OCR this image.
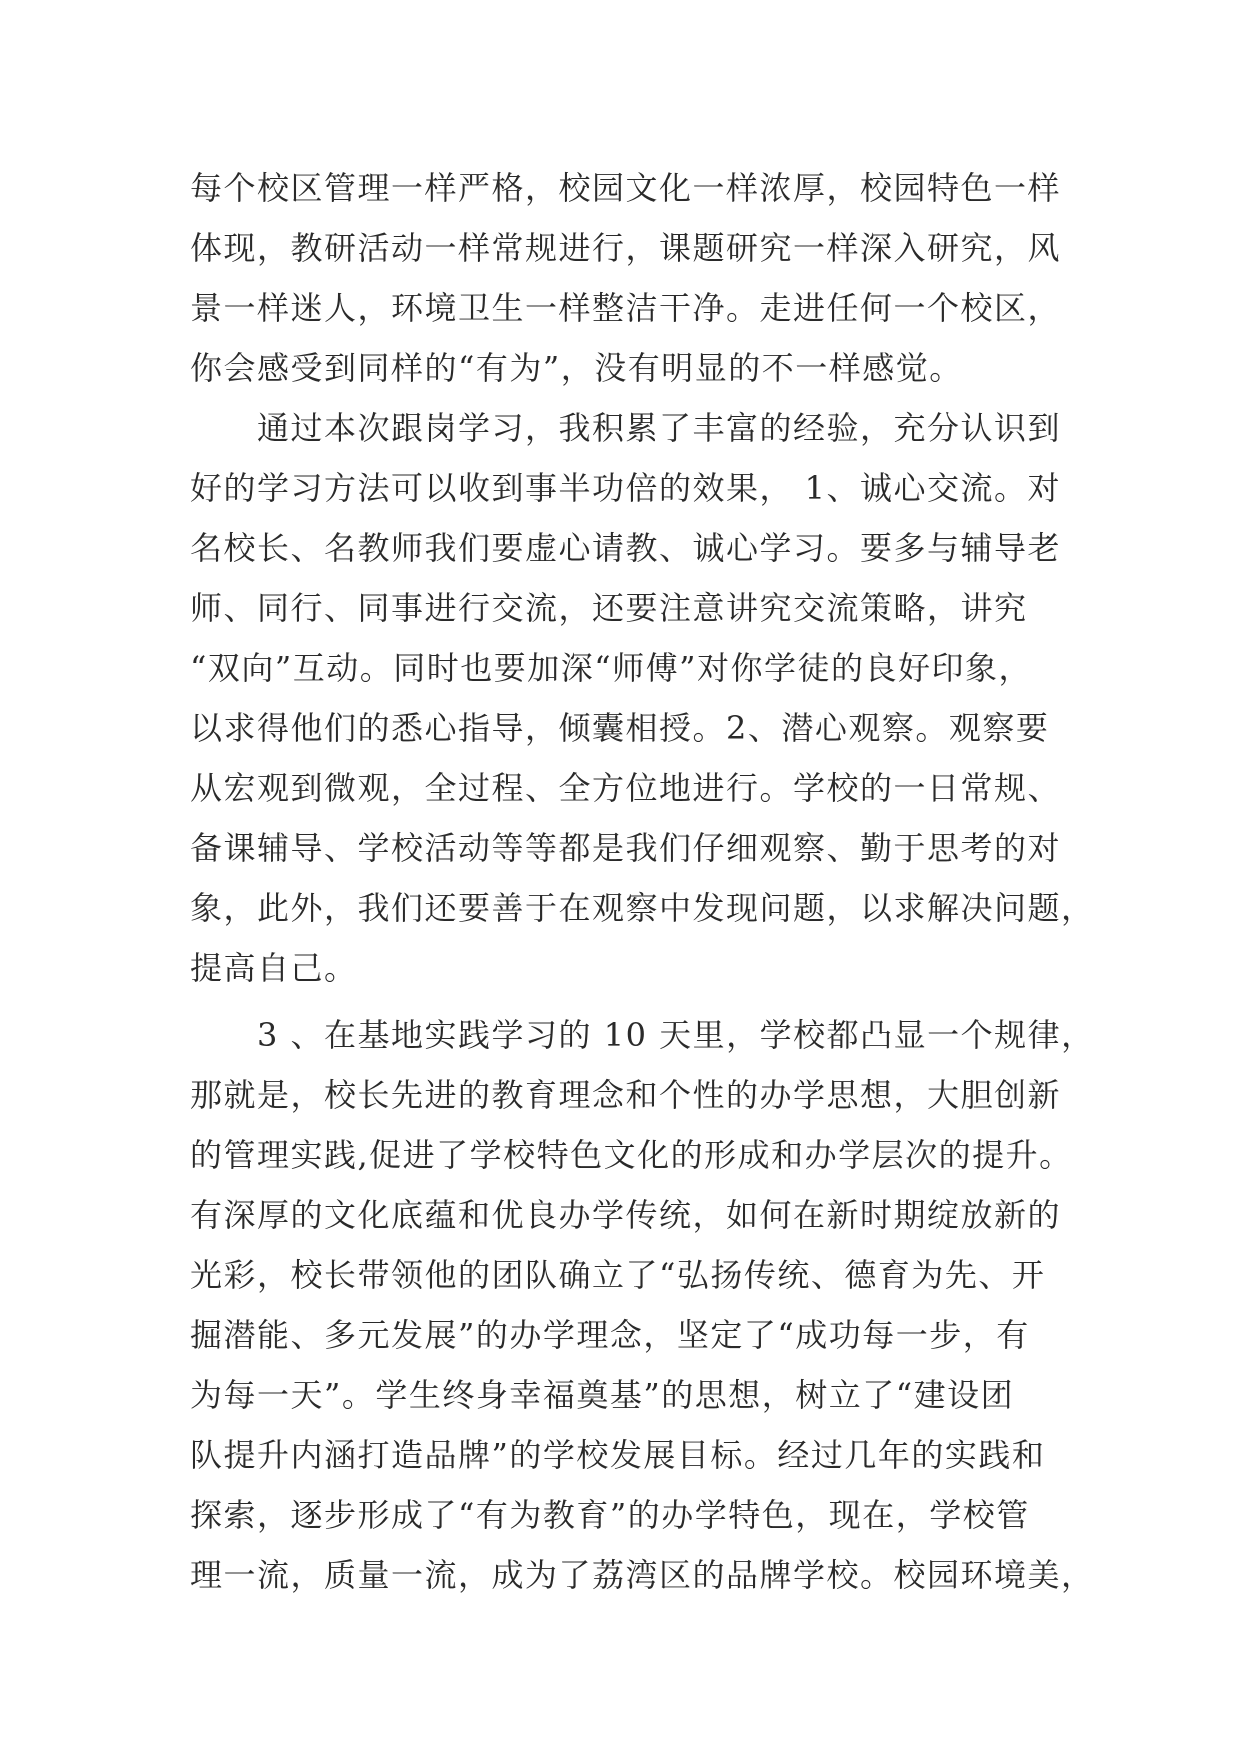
每个校区管理一样严格，校园文化一样浓厚，校园特色一样
体现，教研活动一样常规进行，课题研究一样深入研究，风
景一样迷人，环境卫生一样整洁干净。走进任何一个校区，
你会感受到同样的“有为”，没有明显的不一样感觉。
　　通过本次跟岗学习，我积累了丰富的经验，充分认识到
好的学习方法可以收到事半功倍的效果， 1、诚心交流。对
名校长、名教师我们要虚心请教、诚心学习。要多与辅导老
师、同行、同事进行交流，还要注意讲究交流策略，讲究
“双向”互动。同时也要加深“师傅”对你学徒的良好印象，
以求得他们的悉心指导，倾囊相授。2、潜心观察。观察要
从宏观到微观，全过程、全方位地进行。学校的一日常规、
备课辅导、学校活动等等都是我们仔细观察、勤于思考的对
象，此外，我们还要善于在观察中发现问题，以求解决问题，
提高自己。
　　3 、在基地实践学习的 10 天里，学校都凸显一个规律，
那就是，校长先进的教育理念和个性的办学思想，大胆创新
的管理实践,促进了学校特色文化的形成和办学层次的提升。
有深厚的文化底蕴和优良办学传统，如何在新时期绽放新的
光彩，校长带领他的团队确立了“弘扬传统、德育为先、开
掘潜能、多元发展”的办学理念，坚定了“成功每一步，有
为每一天”。学生终身幸福奠基”的思想，树立了“建设团
队提升内涵打造品牌”的学校发展目标。经过几年的实践和
探索，逐步形成了“有为教育”的办学特色，现在，学校管
理一流，质量一流，成为了荔湾区的品牌学校。校园环境美，
